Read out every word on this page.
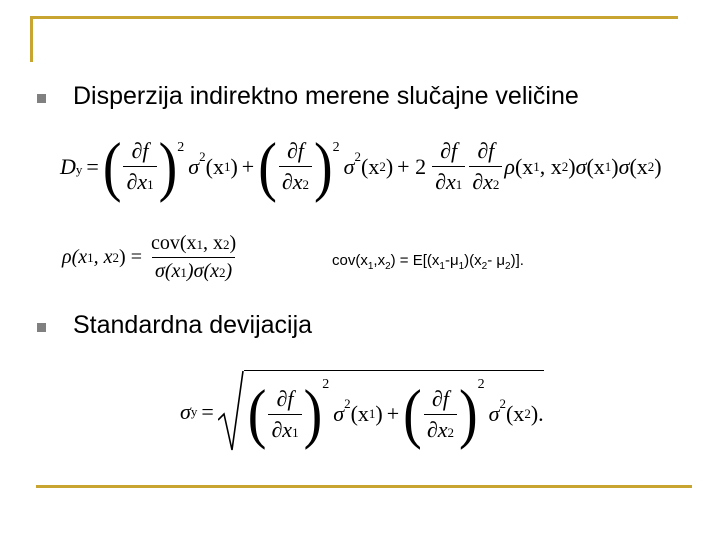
Disperzija indirektno merene slučajne veličine
Dy = ( $\frac{\partial f}{\partial x1}$ ) 2
σ 2 (x 1 ) + ( $\frac{\partial f}{\partial x2}$ ) 2
σ 2 (x 2 ) + $2 \frac{\partial f}{\partial x1} \frac{\partial f}{\partial x2}$ ρ (x 1 , x 2 ) σ (x 1 ) σ (x 2 )
ρ(x 1 , x 2 ) = $\frac{\text{cov(x1, x2)}}{\sigma(x1)\sigma(x2)}$	$cov(x_1,x_2) = E[(x_1-\mu_1)(x_2-$ $\mu_2$)].
Standardna devijacija
σ y = ( $\frac{\partial f}{\partial x1}$ ) 2
σ 2 (x 1 ) + ( $\frac{\partial f}{\partial x2}$ ) 2
σ 2 (x 2 ) .
